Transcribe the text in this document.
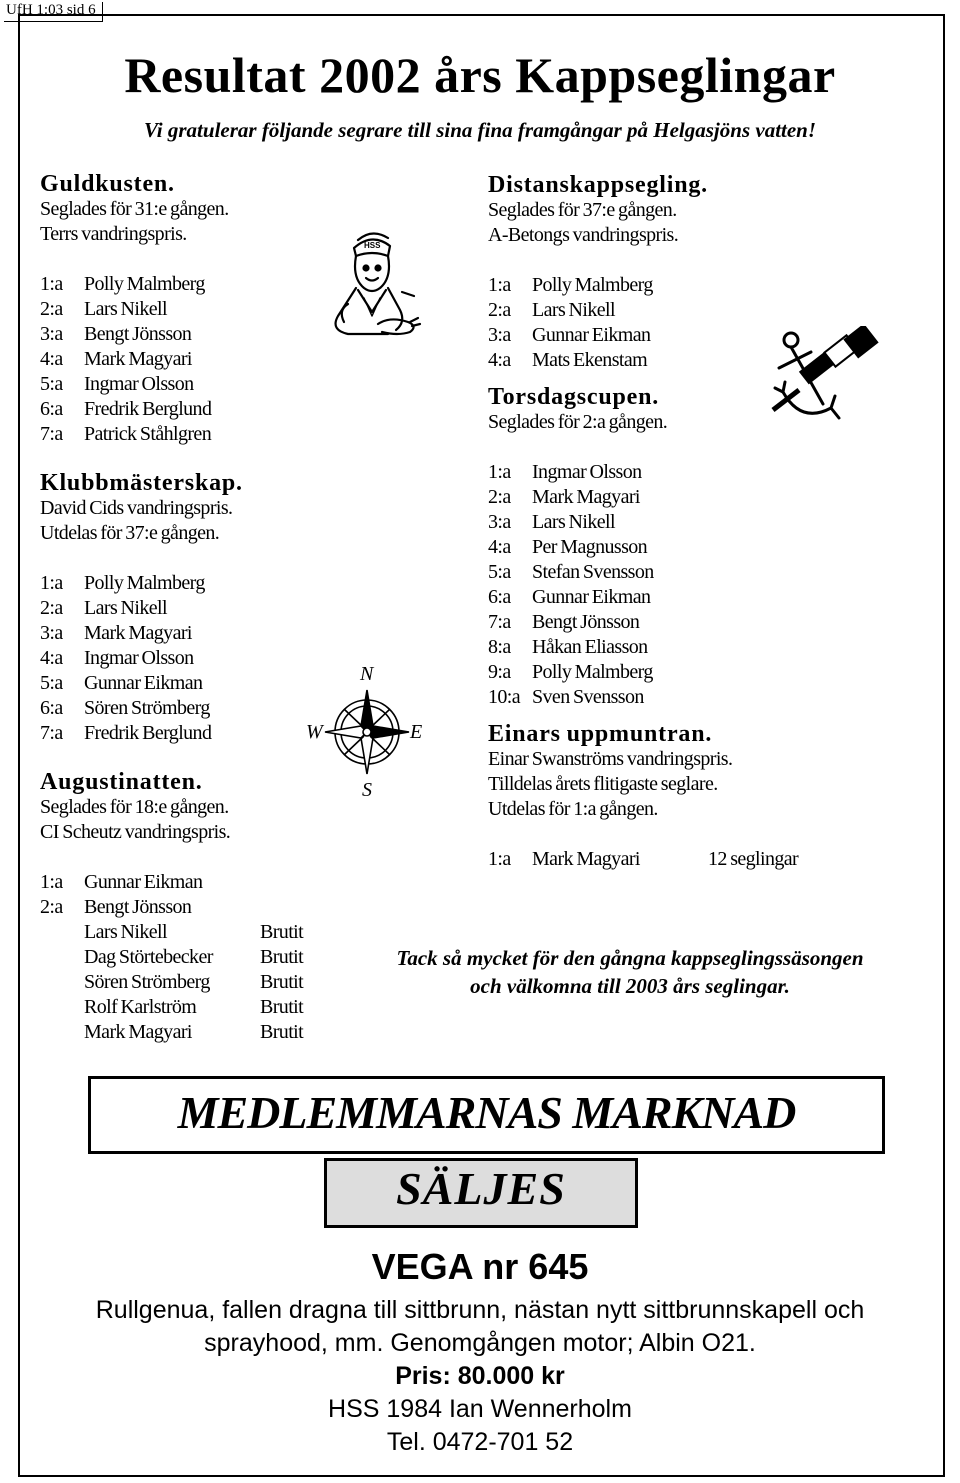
UfH 1:03 sid 6
Resultat 2002 års Kappseglingar
Vi gratulerar följande segrare till sina fina framgångar på Helgasjöns vatten!
Guldkusten.
Seglades för 31:e gången.
Terrs vandringspris.
1:a Polly Malmberg
2:a Lars Nikell
3:a Bengt Jönsson
4:a Mark Magyari
5:a Ingmar Olsson
6:a Fredrik Berglund
7:a Patrick Ståhlgren
Klubbmästerskap.
David Cids vandringspris.
Utdelas för 37:e gången.
1:a Polly Malmberg
2:a Lars Nikell
3:a Mark Magyari
4:a Ingmar Olsson
5:a Gunnar Eikman
6:a Sören Strömberg
7:a Fredrik Berglund
Augustinatten.
Seglades för 18:e gången.
CI Scheutz vandringspris.
1:a Gunnar Eikman
2:a Bengt Jönsson
Lars Nikell	Brutit
Dag Störtebecker Brutit
Sören Strömberg	Brutit
Rolf Karlström	Brutit
Mark Magyari	Brutit
Distanskappsegling.
Seglades för 37:e gången.
A-Betongs vandringspris.
1:a Polly Malmberg
2:a Lars Nikell
3:a Gunnar Eikman
4:a Mats Ekenstam
Torsdagscupen.
Seglades för 2:a gången.
1:a Ingmar Olsson
2:a Mark Magyari
3:a Lars Nikell
4:a Per Magnusson
5:a Stefan Svensson
6:a Gunnar Eikman
7:a Bengt Jönsson
8:a Håkan Eliasson
9:a Polly Malmberg
10:a Sven Svensson
Einars uppmuntran.
Einar Swanströms vandringspris.
Tilldelas årets flitigaste seglare.
Utdelas för 1:a gången.
1:a Mark Magyari	12 seglingar
Tack så mycket för den gångna kappseglingssäsongen
och välkomna till 2003 års seglingar.
HSS
N
W	E
S
MEDLEMMARNAS MARKNAD
SÄLJES
VEGA nr 645
Rullgenua, fallen dragna till sittbrunn, nästan nytt sittbrunnskapell och
sprayhood, mm. Genomgången motor; Albin O21.
Pris: 80.000 kr
HSS 1984 Ian Wennerholm
Tel. 0472-701 52
